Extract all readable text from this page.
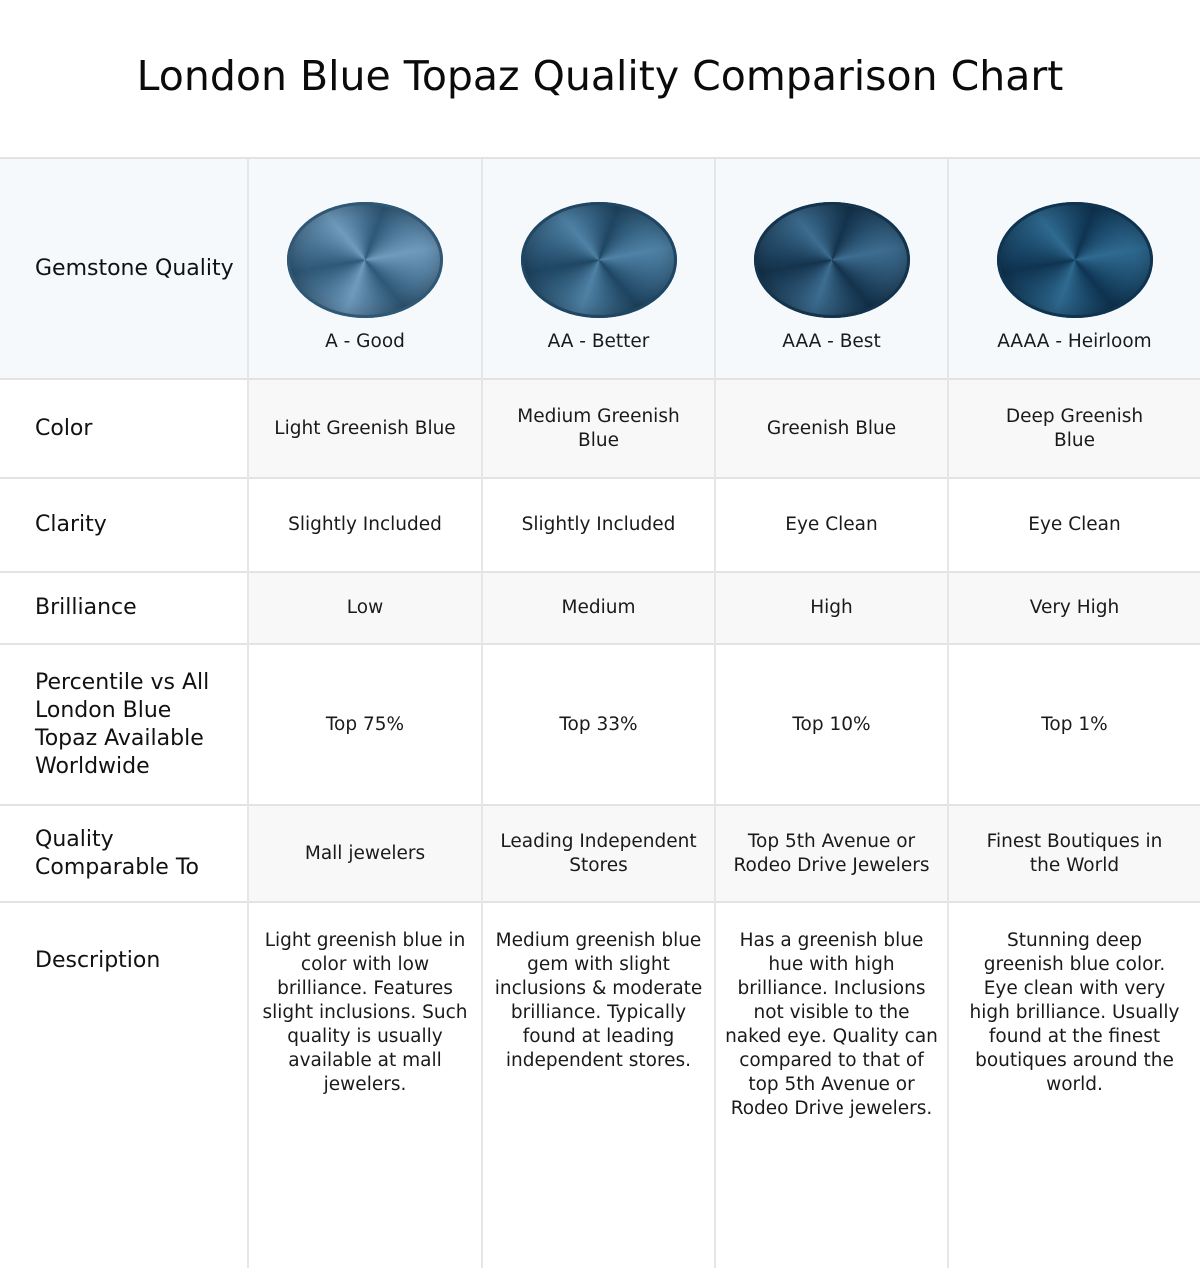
London Blue Topaz Quality Comparison Chart
Gemstone Quality	A - Good	AA - Better	AAA - Best	AAAA - Heirloom

Color	Light Greenish Blue	Medium Greenish Blue	Greenish Blue	Deep Greenish Blue
Clarity	Slightly Included	Slightly Included	Eye Clean	Eye Clean
Brilliance	Low	Medium	High	Very High
Percentile vs All London Blue Topaz Available Worldwide	Top 75%	Top 33%	Top 10%	Top 1%
Quality Comparable To	Mall jewelers	Leading Independent Stores	Top 5th Avenue or Rodeo Drive Jewelers	Finest Boutiques in the World
Description	Light greenish blue in color with low brilliance. Features slight inclusions. Such quality is usually available at mall jewelers.	Medium greenish blue gem with slight inclusions & moderate brilliance. Typically found at leading independent stores.	Has a greenish blue hue with high brilliance. Inclusions not visible to the naked eye. Quality can compared to that of top 5th Avenue or Rodeo Drive jewelers.	Stunning deep greenish blue color. Eye clean with very high brilliance. Usually found at the finest boutiques around the world.
